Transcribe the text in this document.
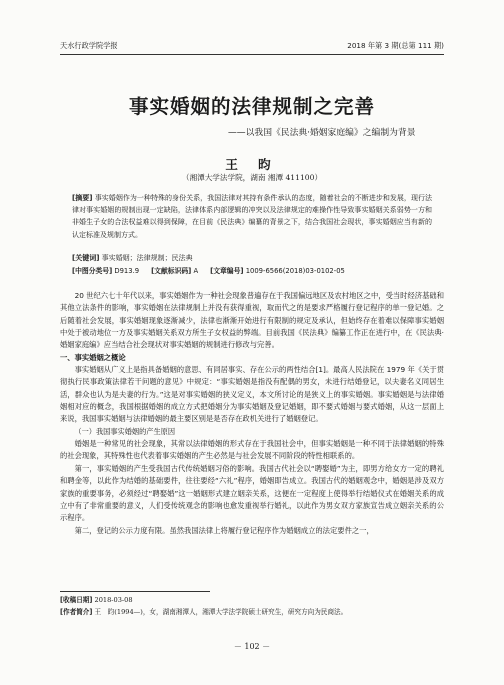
天水行政学院学报	2018 年第 3 期(总第 111 期)
事实婚姻的法律规制之完善
——以我国《民法典·婚姻家庭编》之编制为背景
王 昀
（湘潭大学法学院，湖南 湘潭 411100）
[摘要] 事实婚姻作为一种特殊的身份关系，我国法律对其持有条件承认的态度，随着社会的不断进步和发展，现行法律对事实婚姻的规制出现一定缺陷，法律体系内部逻辑的冲突以及法律规定的难操作性导致事实婚姻关系弱势一方和非婚生子女的合法权益难以得到保障，在目前《民法典》编纂的背景之下，结合我国社会现状，事实婚姻应当有新的认定标准及规制方式。
[关键词] 事实婚姻；法律规制；民法典
[中图分类号] D913.9 [文献标识码] A [文章编号] 1009-6566(2018)03-0102-05

20 世纪六七十年代以来，事实婚姻作为一种社会现象普遍存在于我国偏远地区及农村地区之中，受当时经济基础和其他立法条件的影响，事实婚姻在法律规制上并没有获得重视，取而代之的是要求严格履行登记程序的单一登记婚。之后随着社会发展，事实婚姻现象逐渐减少，法律也渐渐开始进行有限制的规定及承认，但始终存在着难以保障事实婚姻中处于被动地位一方及事实婚姻关系双方所生子女权益的弊端。目前我国《民法典》编纂工作正在进行中，在《民法典·婚姻家庭编》应当结合社会现状对事实婚姻的规制进行修改与完善。

一、事实婚姻之概论

事实婚姻从广义上是指具备婚姻的意思、有同居事实、存在公示的两性结合[1]。最高人民法院在 1979 年《关于贯彻执行民事政策法律若干问题的意见》中规定：“事实婚姻是指没有配偶的男女，未进行结婚登记，以夫妻名义同居生活，群众也认为是夫妻的行为。”这是对事实婚姻的狭义定义，本文所讨论的是狭义上的事实婚姻。事实婚姻是与法律婚姻相对应的概念，我国根据婚姻的成立方式把婚姻分为事实婚姻及登记婚姻，即不要式婚姻与要式婚姻，从这一层面上来说，我国事实婚姻与法律婚姻的最主要区别是是否存在政机关进行了婚姻登记。

（一）我国事实婚姻的产生原因

婚姻是一种常见的社会现象，其常以法律婚姻的形式存在于我国社会中，但事实婚姻是一种不同于法律婚姻的特殊的社会现象，其特殊性也代表着事实婚姻的产生必然是与社会发展不同阶段的特性相联系的。

第一，事实婚姻的产生受我国古代传统婚姻习俗的影响。我国古代社会以“聘娶婚”为主，即男方给女方一定的聘礼和聘金等，以此作为结婚的基础要件，往往要经“六礼”程序，婚姻即告成立。我国古代的婚姻观念中，婚姻是涉及双方家族的重要事务，必须经过“聘娶婚”这一婚姻形式建立姻亲关系，这便在一定程度上使得举行结婚仪式在婚姻关系的成立中有了非常重要的意义，人们受传统观念的影响也愈发重视举行婚礼，以此作为男女双方家族宣告成立姻亲关系的公示程序。

第二，登记的公示力度有限。虽然我国法律上将履行登记程序作为婚姻成立的法定要件之一，

[收稿日期] 2018-03-08
[作者简介] 王　昀(1994—)，女，湖南湘潭人，湘潭大学法学院硕士研究生，研究方向为民商法。
－ 102 －
